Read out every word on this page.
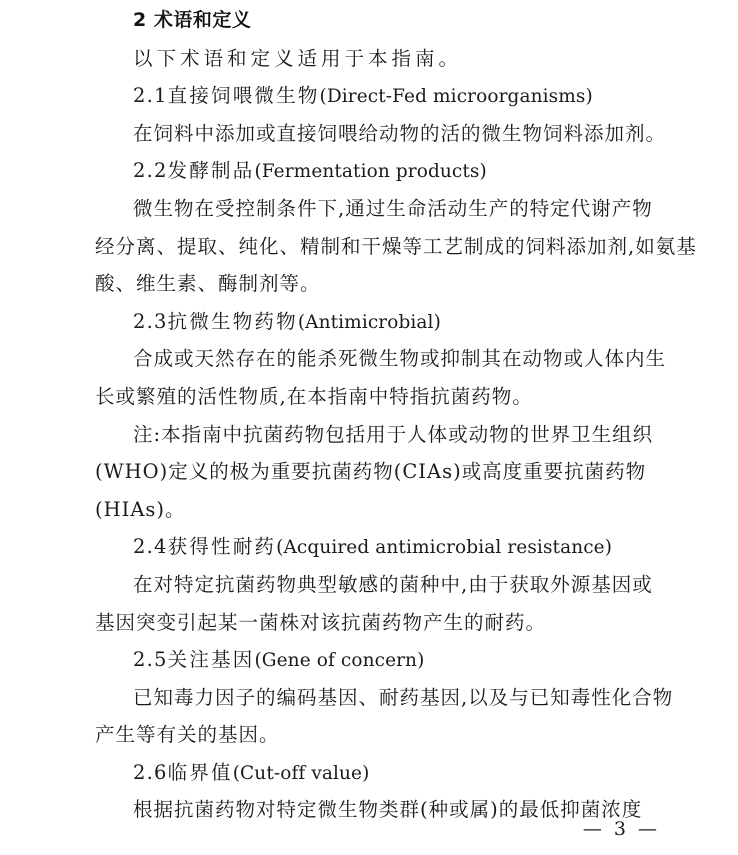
2 术语和定义
以下术语和定义适用于本指南。
2.1直接饲喂微生物(Direct-Fed microorganisms)
在饲料中添加或直接饲喂给动物的活的微生物饲料添加剂。
2.2发酵制品(Fermentation products)
微生物在受控制条件下,通过生命活动生产的特定代谢产物
经分离、提取、纯化、精制和干燥等工艺制成的饲料添加剂,如氨基
酸、维生素、酶制剂等。
2.3抗微生物药物(Antimicrobial)
合成或天然存在的能杀死微生物或抑制其在动物或人体内生
长或繁殖的活性物质,在本指南中特指抗菌药物。
注:本指南中抗菌药物包括用于人体或动物的世界卫生组织
(WHO)定义的极为重要抗菌药物(CIAs)或高度重要抗菌药物
(HIAs)。
2.4获得性耐药(Acquired antimicrobial resistance)
在对特定抗菌药物典型敏感的菌种中,由于获取外源基因或
基因突变引起某一菌株对该抗菌药物产生的耐药。
2.5关注基因(Gene of concern)
已知毒力因子的编码基因、耐药基因,以及与已知毒性化合物
产生等有关的基因。
2.6临界值(Cut-off value)
根据抗菌药物对特定微生物类群(种或属)的最低抑菌浓度
— 3 —
